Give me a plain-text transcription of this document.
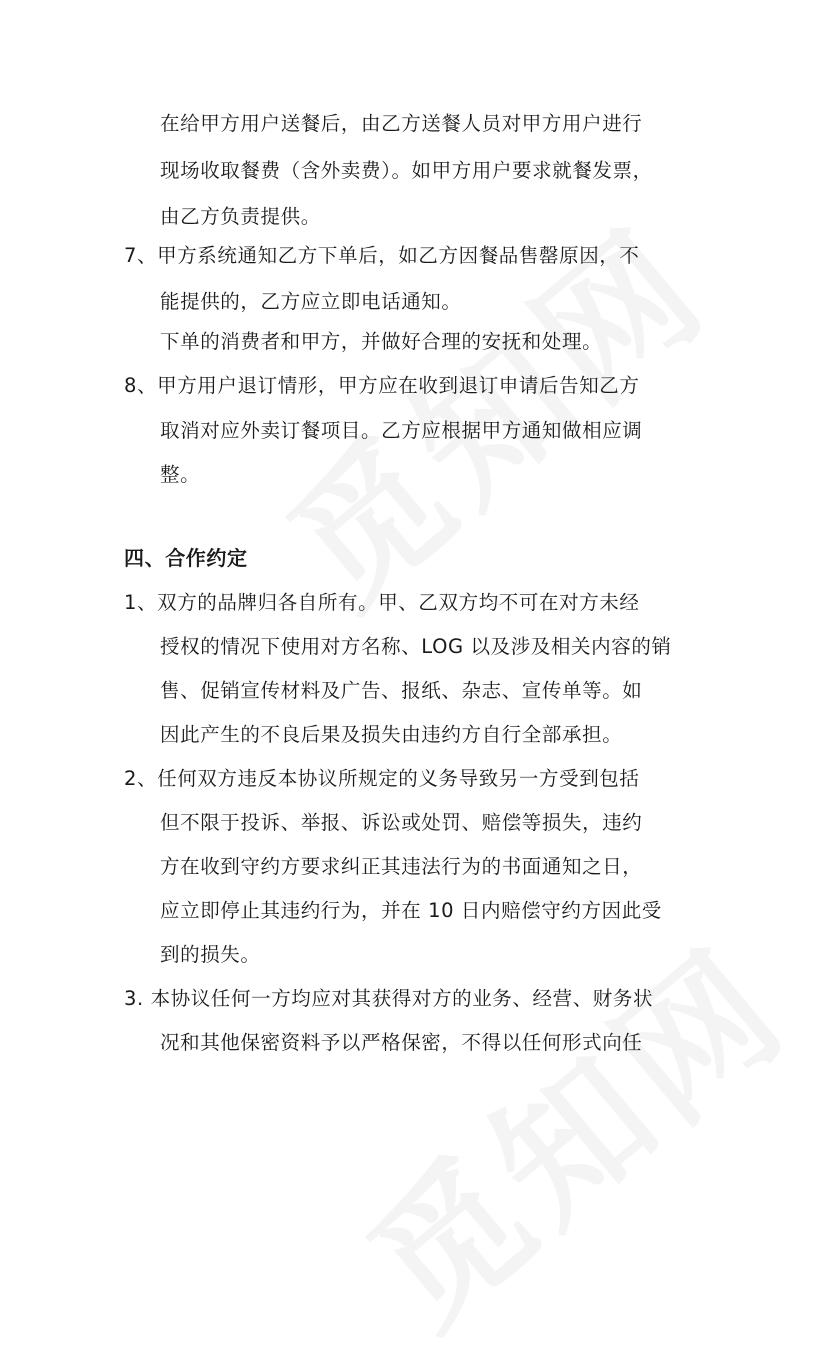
在给甲方用户送餐后，由乙方送餐人员对甲方用户进行
现场收取餐费（含外卖费）。如甲方用户要求就餐发票，
由乙方负责提供。
7、甲方系统通知乙方下单后，如乙方因餐品售罄原因，不
能提供的，乙方应立即电话通知。
下单的消费者和甲方，并做好合理的安抚和处理。
8、甲方用户退订情形，甲方应在收到退订申请后告知乙方
取消对应外卖订餐项目。乙方应根据甲方通知做相应调
整。
四、合作约定
1、双方的品牌归各自所有。甲、乙双方均不可在对方未经
授权的情况下使用对方名称、LOG 以及涉及相关内容的销
售、促销宣传材料及广告、报纸、杂志、宣传单等。如
因此产生的不良后果及损失由违约方自行全部承担。
2、任何双方违反本协议所规定的义务导致另一方受到包括
但不限于投诉、举报、诉讼或处罚、赔偿等损失，违约
方在收到守约方要求纠正其违法行为的书面通知之日，
应立即停止其违约行为，并在 10 日内赔偿守约方因此受
到的损失。
3. 本协议任何一方均应对其获得对方的业务、经营、财务状
况和其他保密资料予以严格保密，不得以任何形式向任
